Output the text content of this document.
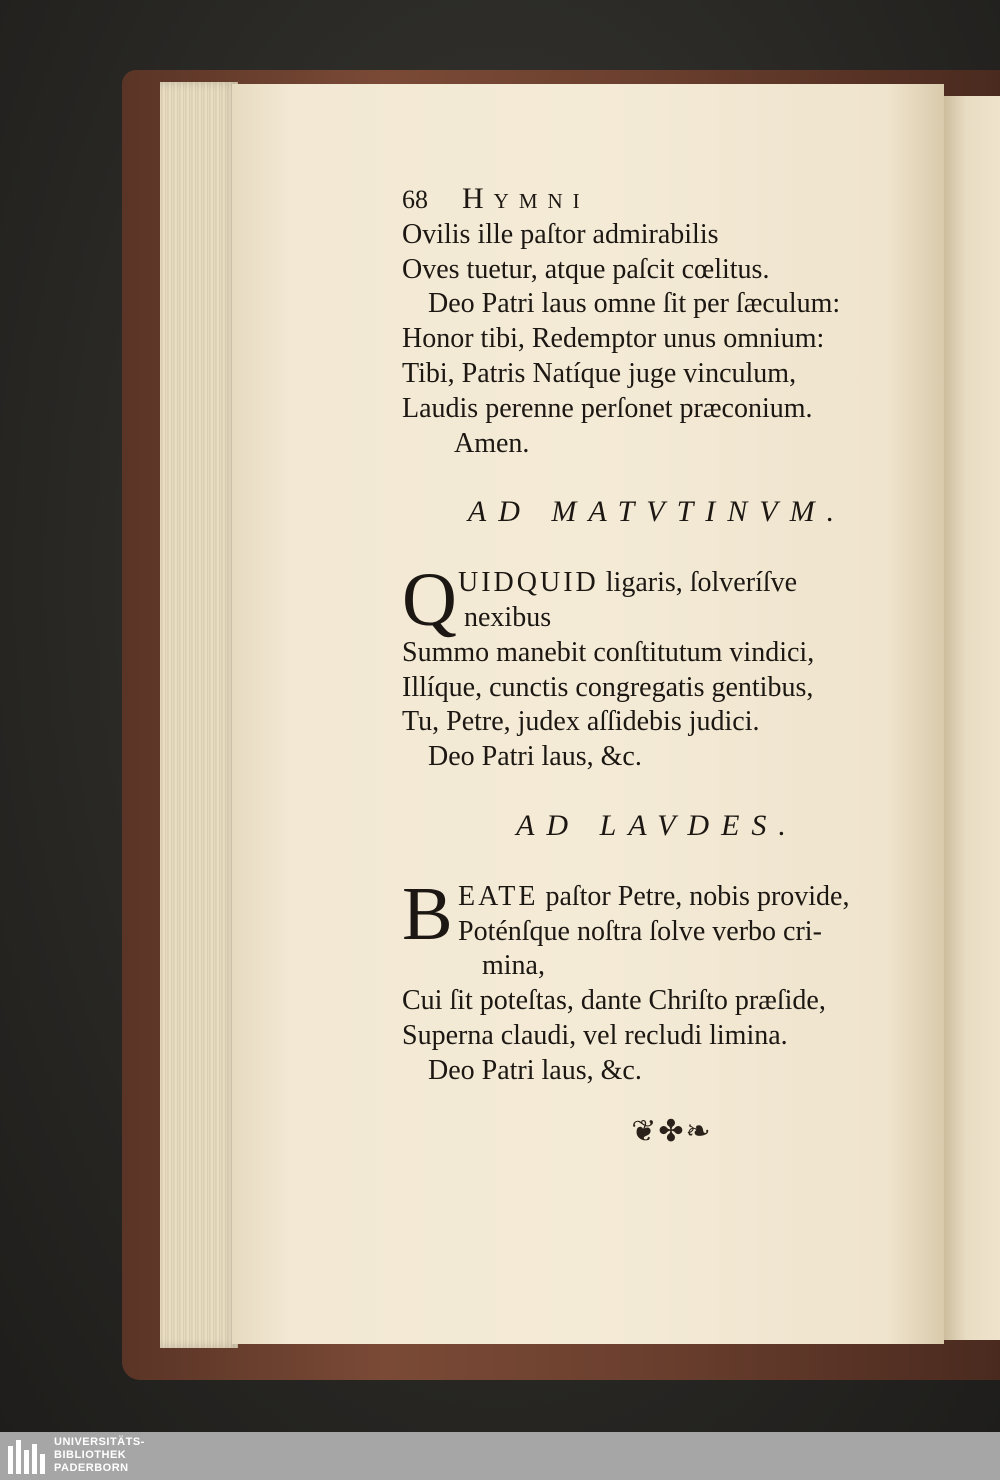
68	Hymni
Ovilis ille paſtor admirabilis
Oves tuetur, atque paſcit cœlitus.
Deo Patri laus omne ſit per ſæculum:
Honor tibi, Redemptor unus omnium:
Tibi, Patris Natíque juge vinculum,
Laudis perenne perſonet præconium.
Amen.
AD MATVTINVM.
Q UIDQUID ligaris, ſolveríſve
nexibus
Summo manebit conſtitutum vindici,
Illíque, cunctis congregatis gentibus,
Tu, Petre, judex aſſidebis judici.
Deo Patri laus, &c.
AD LAVDES.
B EATE paſtor Petre, nobis provide,
Poténſque noſtra ſolve verbo cri-
mina,
Cui ſit poteſtas, dante Chriſto præſide,
Superna claudi, vel recludi limina.
Deo Patri laus, &c.
❦✤❧
UNIVERSITÄTS-
BIBLIOTHEK
PADERBORN
